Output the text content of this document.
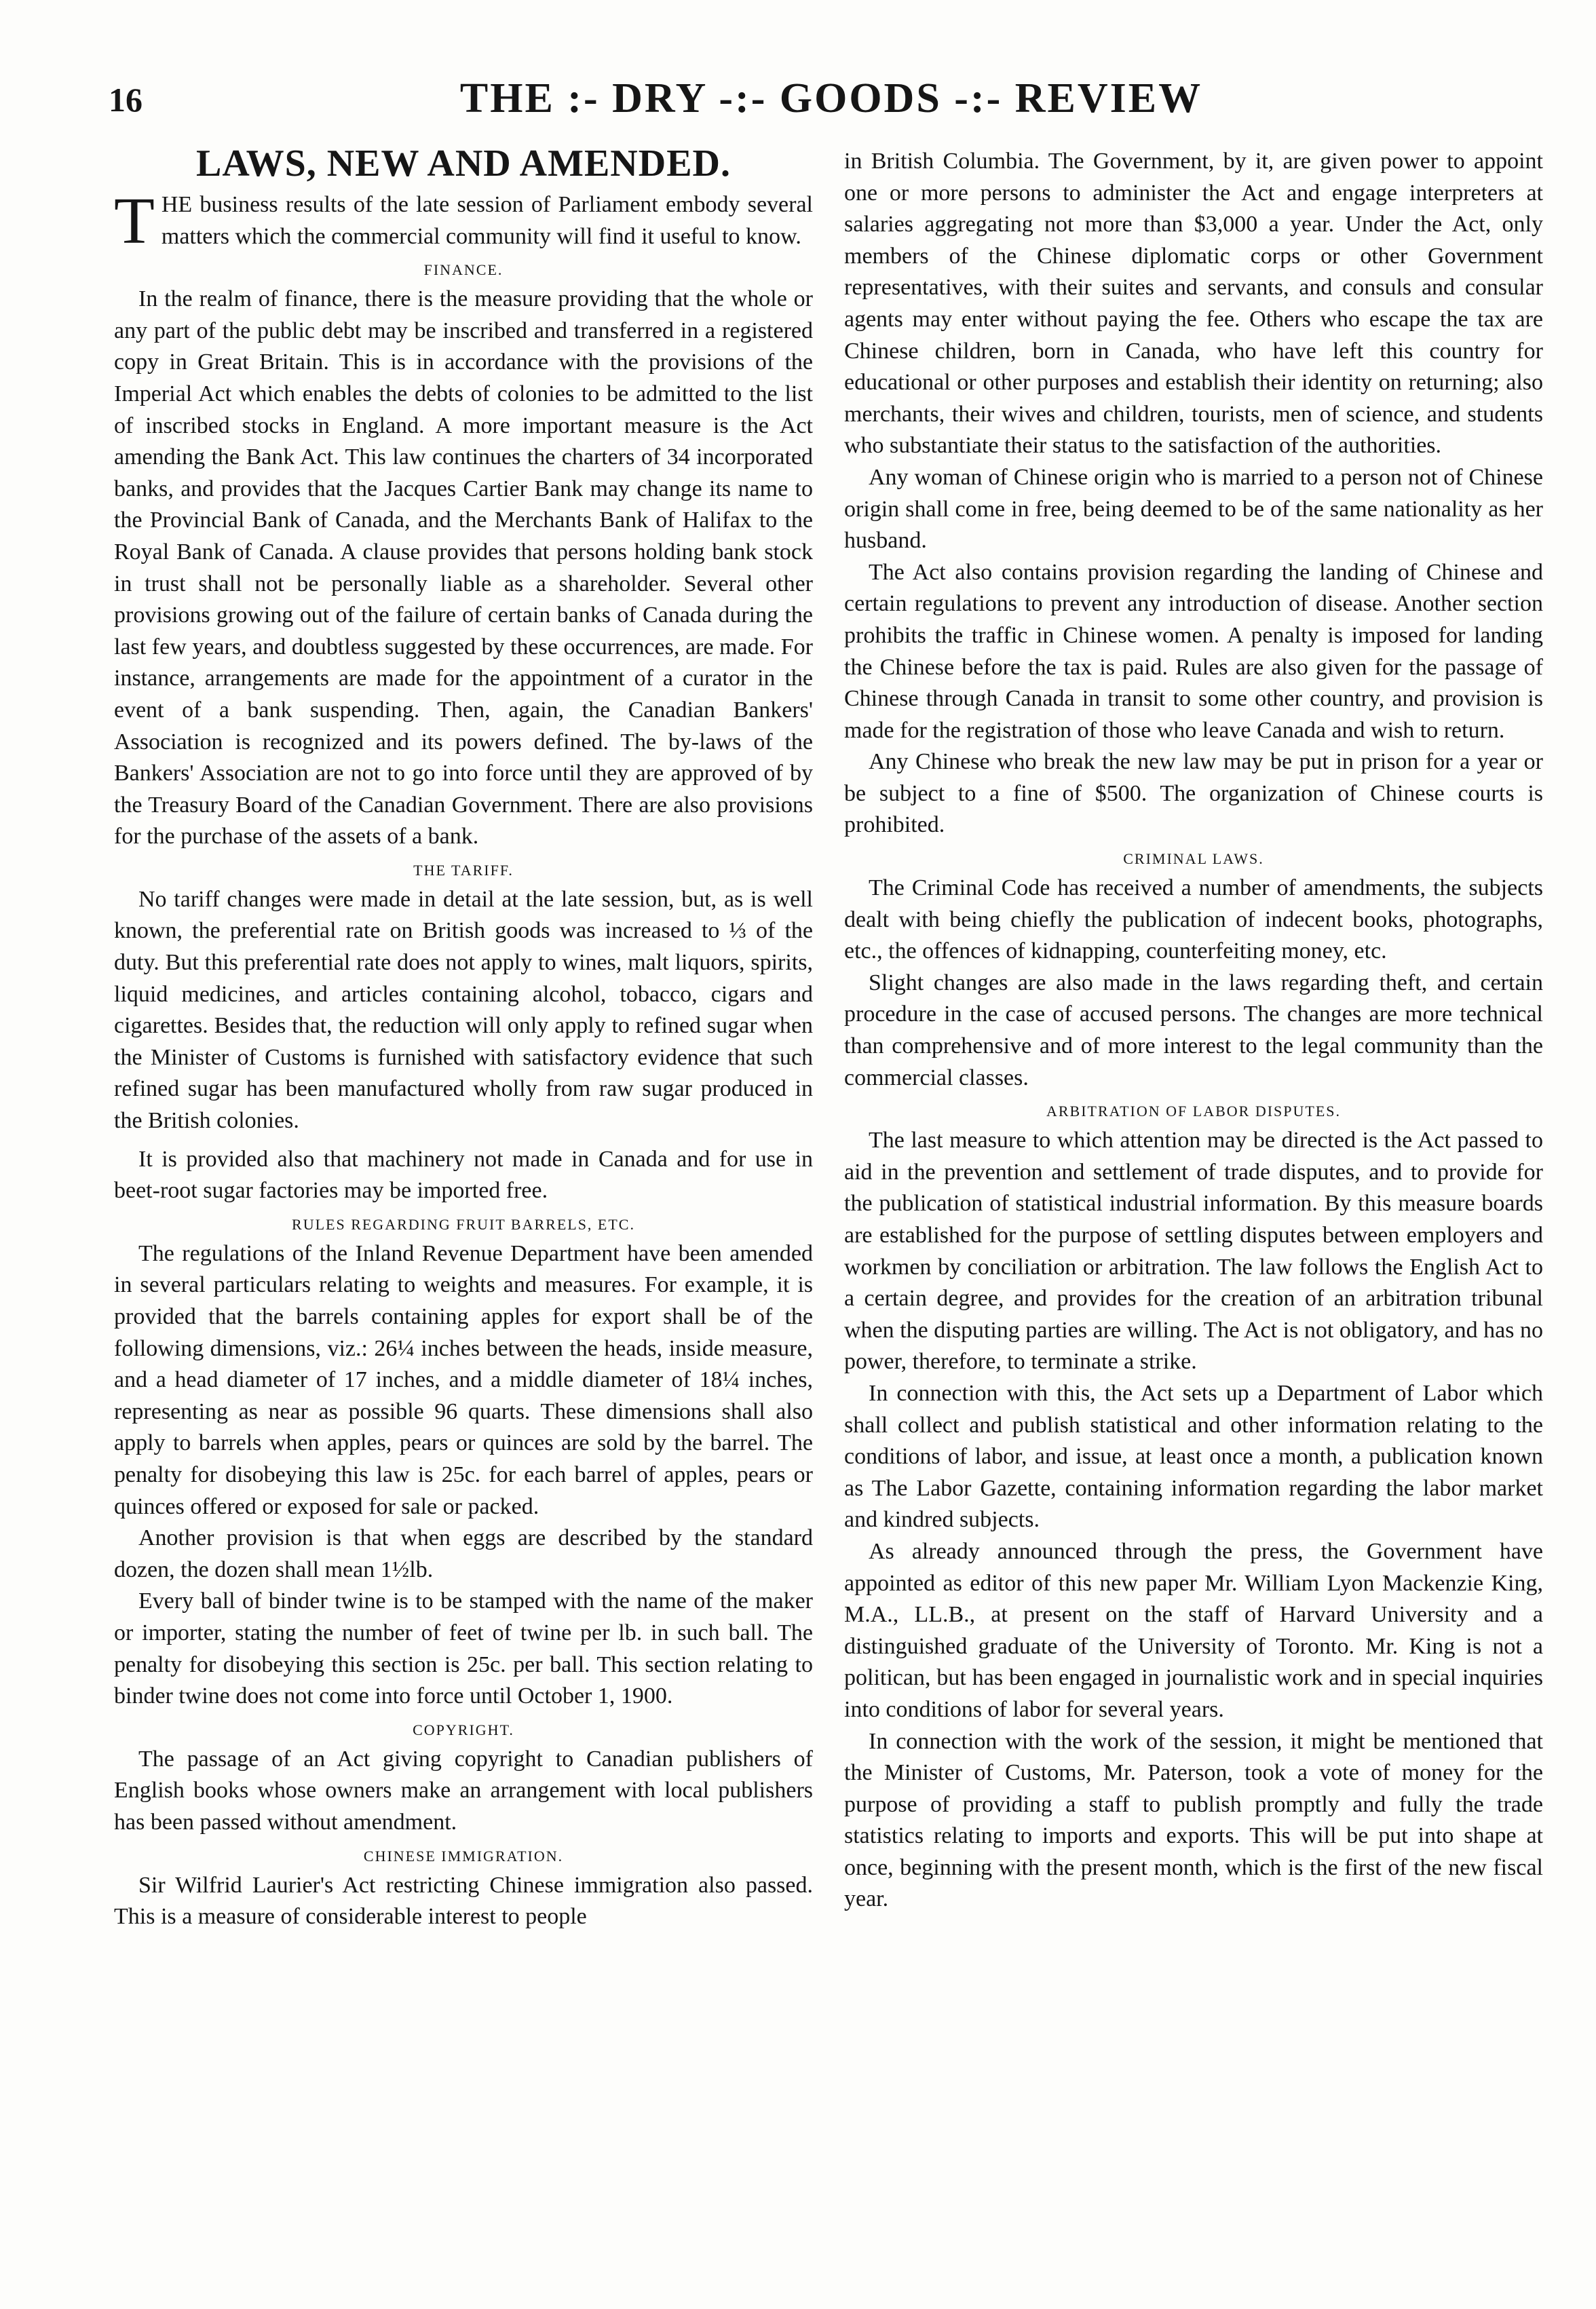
16	THE :- DRY -:- GOODS -:- REVIEW
LAWS, NEW AND AMENDED.

THE business results of the late session of Parliament embody several matters which the commercial community will find it useful to know.

FINANCE.

In the realm of finance, there is the measure providing that the whole or any part of the public debt may be inscribed and transferred in a registered copy in Great Britain. This is in accordance with the provisions of the Imperial Act which enables the debts of colonies to be admitted to the list of inscribed stocks in England. A more important measure is the Act amending the Bank Act. This law continues the charters of 34 incorporated banks, and provides that the Jacques Cartier Bank may change its name to the Provincial Bank of Canada, and the Merchants Bank of Halifax to the Royal Bank of Canada. A clause provides that persons holding bank stock in trust shall not be personally liable as a shareholder. Several other provisions growing out of the failure of certain banks of Canada during the last few years, and doubtless suggested by these occurrences, are made. For instance, arrangements are made for the appointment of a curator in the event of a bank suspending. Then, again, the Canadian Bankers' Association is recognized and its powers defined. The by-laws of the Bankers' Association are not to go into force until they are approved of by the Treasury Board of the Canadian Government. There are also provisions for the purchase of the assets of a bank.

THE TARIFF.

No tariff changes were made in detail at the late session, but, as is well known, the preferential rate on British goods was increased to ⅓ of the duty. But this preferential rate does not apply to wines, malt liquors, spirits, liquid medicines, and articles containing alcohol, tobacco, cigars and cigarettes. Besides that, the reduction will only apply to refined sugar when the Minister of Customs is furnished with satisfactory evidence that such refined sugar has been manufactured wholly from raw sugar produced in the British colonies.

It is provided also that machinery not made in Canada and for use in beet-root sugar factories may be imported free.

RULES REGARDING FRUIT BARRELS, ETC.

The regulations of the Inland Revenue Department have been amended in several particulars relating to weights and measures. For example, it is provided that the barrels containing apples for export shall be of the following dimensions, viz.: 26¼ inches between the heads, inside measure, and a head diameter of 17 inches, and a middle diameter of 18¼ inches, representing as near as possible 96 quarts. These dimensions shall also apply to barrels when apples, pears or quinces are sold by the barrel. The penalty for disobeying this law is 25c. for each barrel of apples, pears or quinces offered or exposed for sale or packed.

Another provision is that when eggs are described by the standard dozen, the dozen shall mean 1½lb.

Every ball of binder twine is to be stamped with the name of the maker or importer, stating the number of feet of twine per lb. in such ball. The penalty for disobeying this section is 25c. per ball. This section relating to binder twine does not come into force until October 1, 1900.

COPYRIGHT.

The passage of an Act giving copyright to Canadian publishers of English books whose owners make an arrangement with local publishers has been passed without amendment.

CHINESE IMMIGRATION.

Sir Wilfrid Laurier's Act restricting Chinese immigration also passed. This is a measure of considerable interest to people

in British Columbia. The Government, by it, are given power to appoint one or more persons to administer the Act and engage interpreters at salaries aggregating not more than $3,000 a year. Under the Act, only members of the Chinese diplomatic corps or other Government representatives, with their suites and servants, and consuls and consular agents may enter without paying the fee. Others who escape the tax are Chinese children, born in Canada, who have left this country for educational or other purposes and establish their identity on returning; also merchants, their wives and children, tourists, men of science, and students who substantiate their status to the satisfaction of the authorities.

Any woman of Chinese origin who is married to a person not of Chinese origin shall come in free, being deemed to be of the same nationality as her husband.

The Act also contains provision regarding the landing of Chinese and certain regulations to prevent any introduction of disease. Another section prohibits the traffic in Chinese women. A penalty is imposed for landing the Chinese before the tax is paid. Rules are also given for the passage of Chinese through Canada in transit to some other country, and provision is made for the registration of those who leave Canada and wish to return.

Any Chinese who break the new law may be put in prison for a year or be subject to a fine of $500. The organization of Chinese courts is prohibited.

CRIMINAL LAWS.

The Criminal Code has received a number of amendments, the subjects dealt with being chiefly the publication of indecent books, photographs, etc., the offences of kidnapping, counterfeiting money, etc.

Slight changes are also made in the laws regarding theft, and certain procedure in the case of accused persons. The changes are more technical than comprehensive and of more interest to the legal community than the commercial classes.

ARBITRATION OF LABOR DISPUTES.

The last measure to which attention may be directed is the Act passed to aid in the prevention and settlement of trade disputes, and to provide for the publication of statistical industrial information. By this measure boards are established for the purpose of settling disputes between employers and workmen by conciliation or arbitration. The law follows the English Act to a certain degree, and provides for the creation of an arbitration tribunal when the disputing parties are willing. The Act is not obligatory, and has no power, therefore, to terminate a strike.

In connection with this, the Act sets up a Department of Labor which shall collect and publish statistical and other information relating to the conditions of labor, and issue, at least once a month, a publication known as The Labor Gazette, containing information regarding the labor market and kindred subjects.

As already announced through the press, the Government have appointed as editor of this new paper Mr. William Lyon Mackenzie King, M.A., LL.B., at present on the staff of Harvard University and a distinguished graduate of the University of Toronto. Mr. King is not a politican, but has been engaged in journalistic work and in special inquiries into conditions of labor for several years.

In connection with the work of the session, it might be mentioned that the Minister of Customs, Mr. Paterson, took a vote of money for the purpose of providing a staff to publish promptly and fully the trade statistics relating to imports and exports. This will be put into shape at once, beginning with the present month, which is the first of the new fiscal year.
